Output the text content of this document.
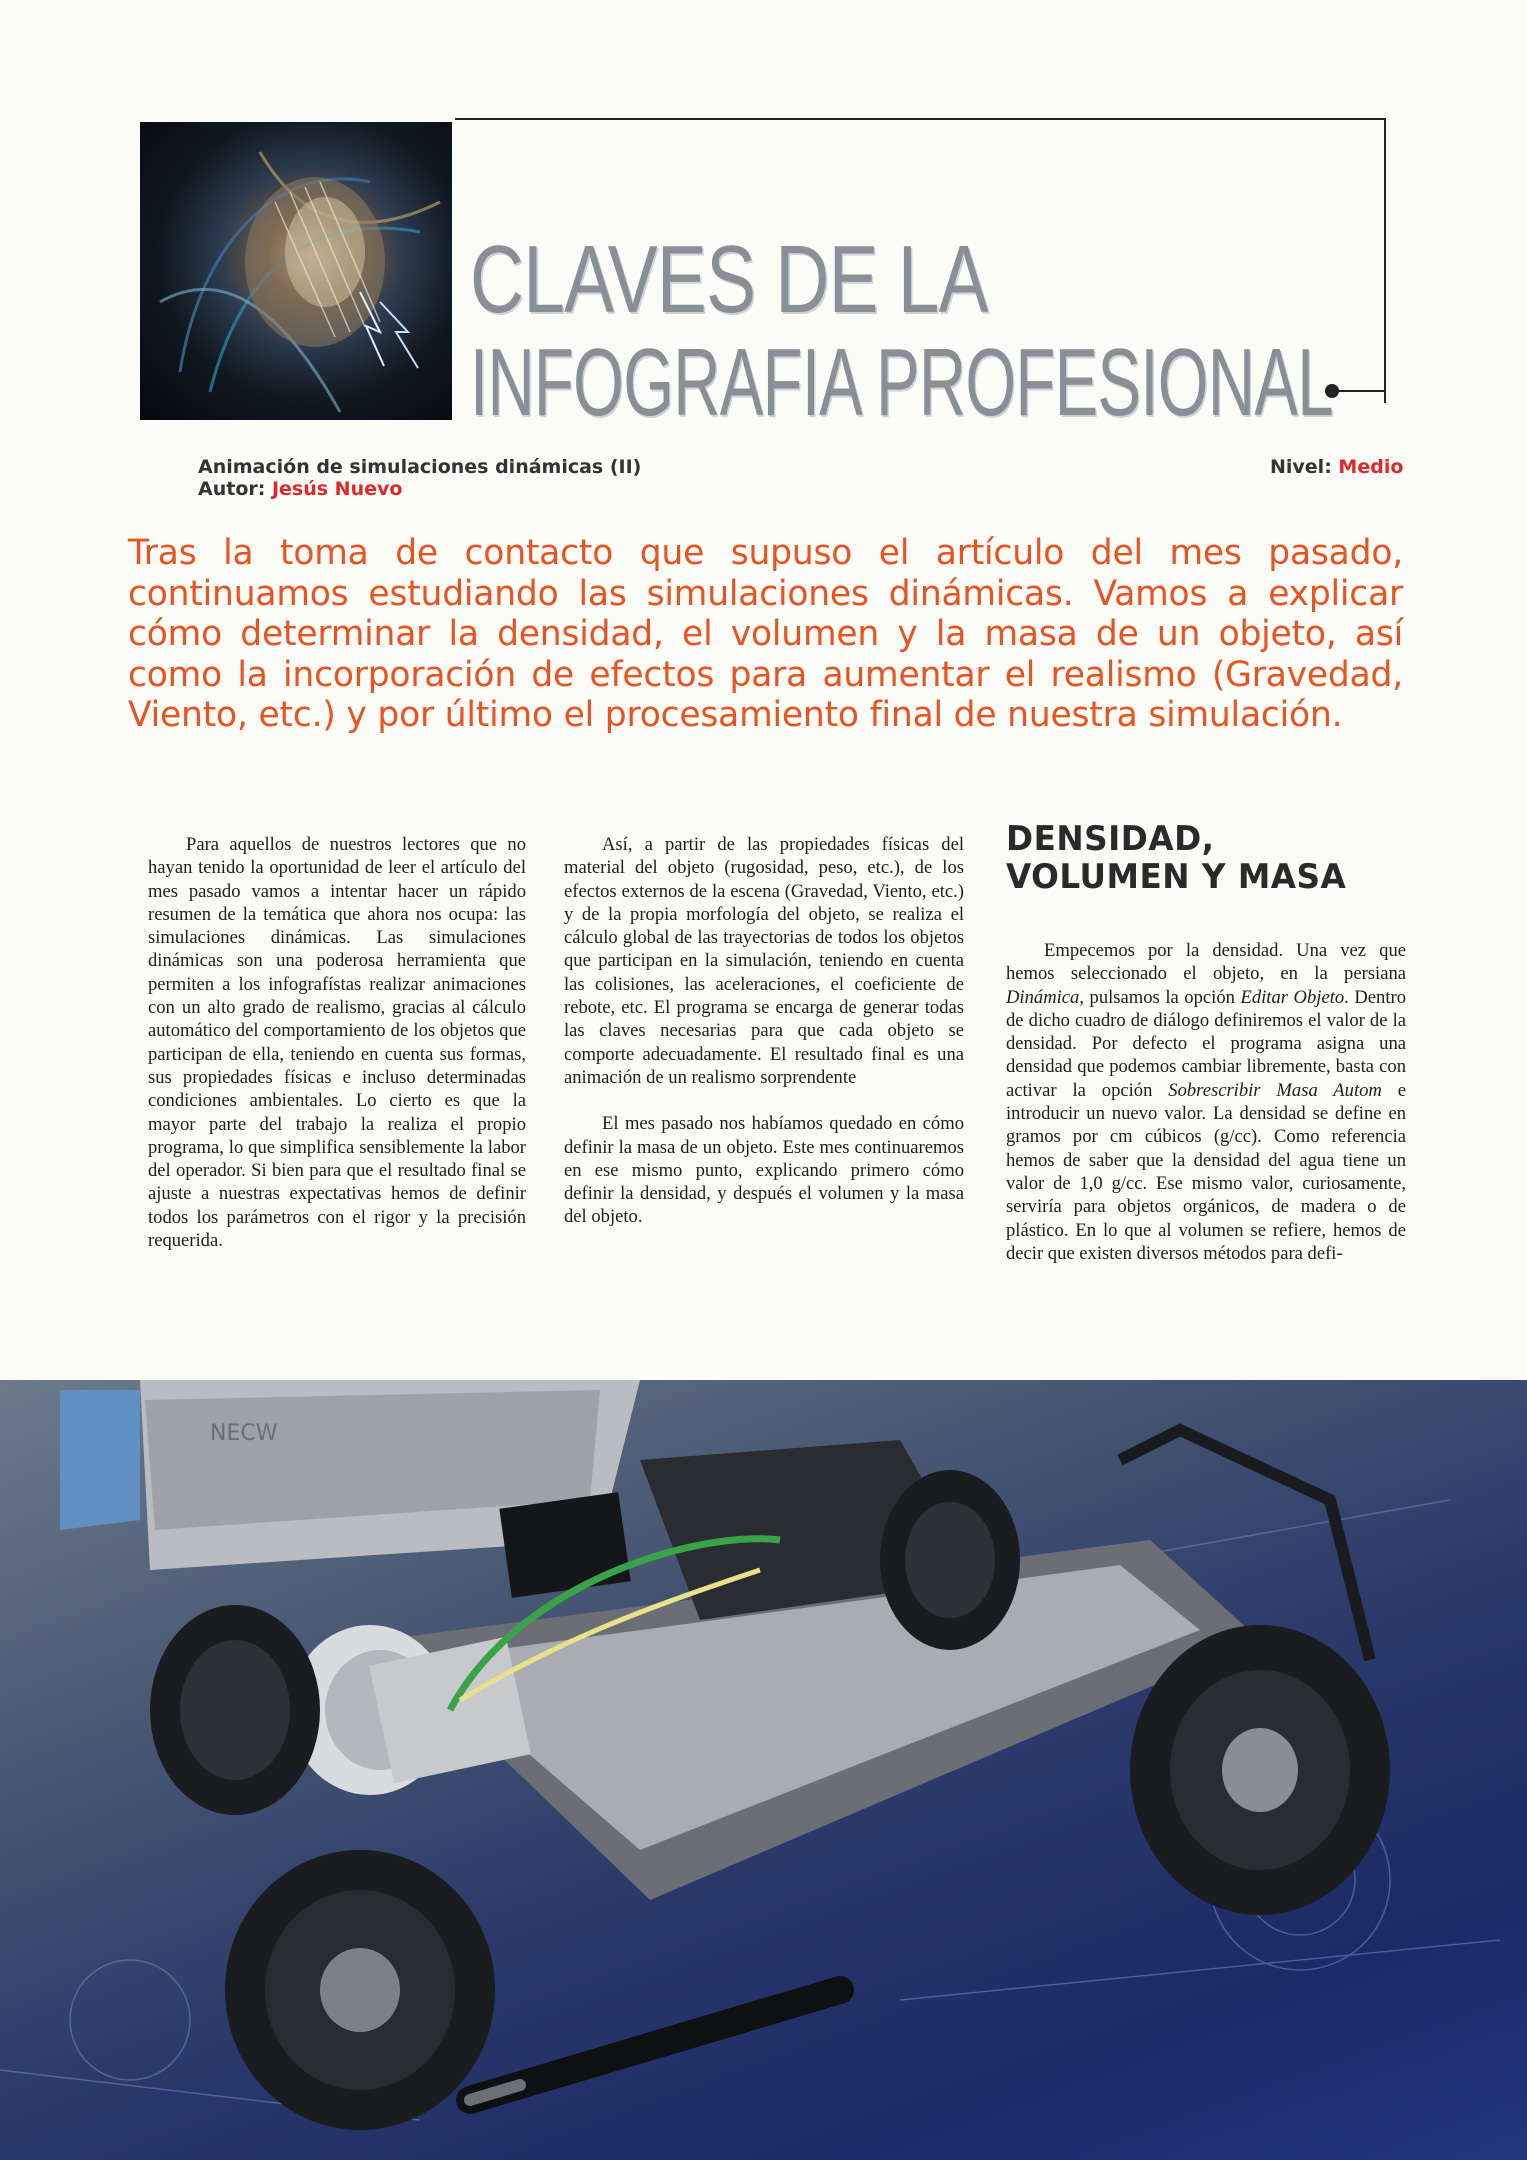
CLAVES DE LA
INFOGRAFIA PROFESIONAL
Animación de simulaciones dinámicas (II)
Autor: Jesús Nuevo
Nivel: Medio
Tras la toma de contacto que supuso el artículo del mes pasado, continuamos estudiando las simulaciones dinámicas. Vamos a explicar cómo determinar la densidad, el volumen y la masa de un objeto, así como la incorporación de efectos para aumentar el realismo (Gravedad, Viento, etc.) y por último el procesamiento final de nuestra simulación.

Para aquellos de nuestros lectores que no hayan tenido la oportunidad de leer el artículo del mes pasado vamos a intentar hacer un rápido resumen de la temática que ahora nos ocupa: las simulaciones dinámicas. Las simulaciones dinámicas son una poderosa herramienta que permiten a los infografístas realizar animaciones con un alto grado de realismo, gracias al cálculo automático del comportamiento de los objetos que participan de ella, teniendo en cuenta sus formas, sus propiedades físicas e incluso determinadas condiciones ambientales. Lo cierto es que la mayor parte del trabajo la realiza el propio programa, lo que simplifica sensiblemente la labor del operador. Si bien para que el resultado final se ajuste a nuestras expectativas hemos de definir todos los parámetros con el rigor y la precisión requerida.

Así, a partir de las propiedades físicas del material del objeto (rugosidad, peso, etc.), de los efectos externos de la escena (Gravedad, Viento, etc.) y de la propia morfología del objeto, se realiza el cálculo global de las trayectorias de todos los objetos que participan en la simulación, teniendo en cuenta las colisiones, las aceleraciones, el coeficiente de rebote, etc. El programa se encarga de generar todas las claves necesarias para que cada objeto se comporte adecuadamente. El resultado final es una animación de un realismo sorprendente

El mes pasado nos habíamos quedado en cómo definir la masa de un objeto. Este mes continuaremos en ese mismo punto, explicando primero cómo definir la densidad, y después el volumen y la masa del objeto.

DENSIDAD, VOLUMEN Y MASA

Empecemos por la densidad. Una vez que hemos seleccionado el objeto, en la persiana Dinámica, pulsamos la opción Editar Objeto. Dentro de dicho cuadro de diálogo definiremos el valor de la densidad. Por defecto el programa asigna una densidad que podemos cambiar libremente, basta con activar la opción Sobrescribir Masa Autom e introducir un nuevo valor. La densidad se define en gramos por cm cúbicos (g/cc). Como referencia hemos de saber que la densidad del agua tiene un valor de 1,0 g/cc. Ese mismo valor, curiosamente, serviría para objetos orgánicos, de madera o de plástico. En lo que al volumen se refiere, hemos de decir que existen diversos métodos para defi-

NECW
